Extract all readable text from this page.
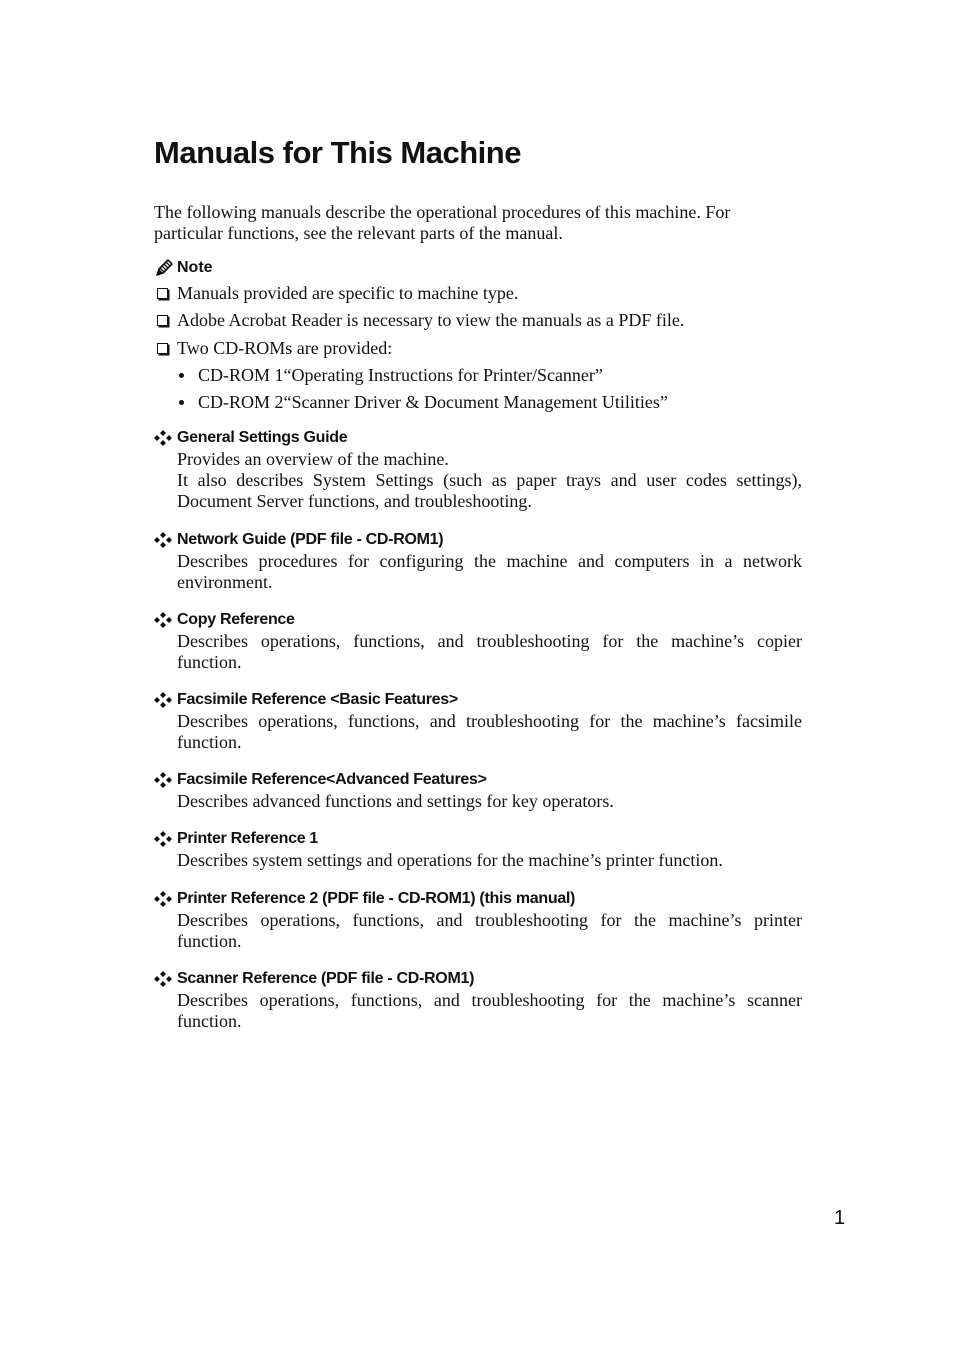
Manuals for This Machine

The following manuals describe the operational procedures of this machine. For particular functions, see the relevant parts of the manual.

Note
Manuals provided are specific to machine type.
Adobe Acrobat Reader is necessary to view the manuals as a PDF file.
Two CD-ROMs are provided:
CD-ROM 1“Operating Instructions for Printer/Scanner”
CD-ROM 2“Scanner Driver & Document Management Utilities”
General Settings Guide

Provides an overview of the machine.
It also describes System Settings (such as paper trays and user codes settings), Document Server functions, and troubleshooting.

Network Guide (PDF file - CD-ROM1)

Describes procedures for configuring the machine and computers in a network environment.

Copy Reference

Describes operations, functions, and troubleshooting for the machine’s copier function.

Facsimile Reference <Basic Features>

Describes operations, functions, and troubleshooting for the machine’s facsimile function.

Facsimile Reference<Advanced Features>

Describes advanced functions and settings for key operators.

Printer Reference 1

Describes system settings and operations for the machine’s printer function.

Printer Reference 2 (PDF file - CD-ROM1) (this manual)

Describes operations, functions, and troubleshooting for the machine’s printer function.

Scanner Reference (PDF file - CD-ROM1)

Describes operations, functions, and troubleshooting for the machine’s scanner function.

1
